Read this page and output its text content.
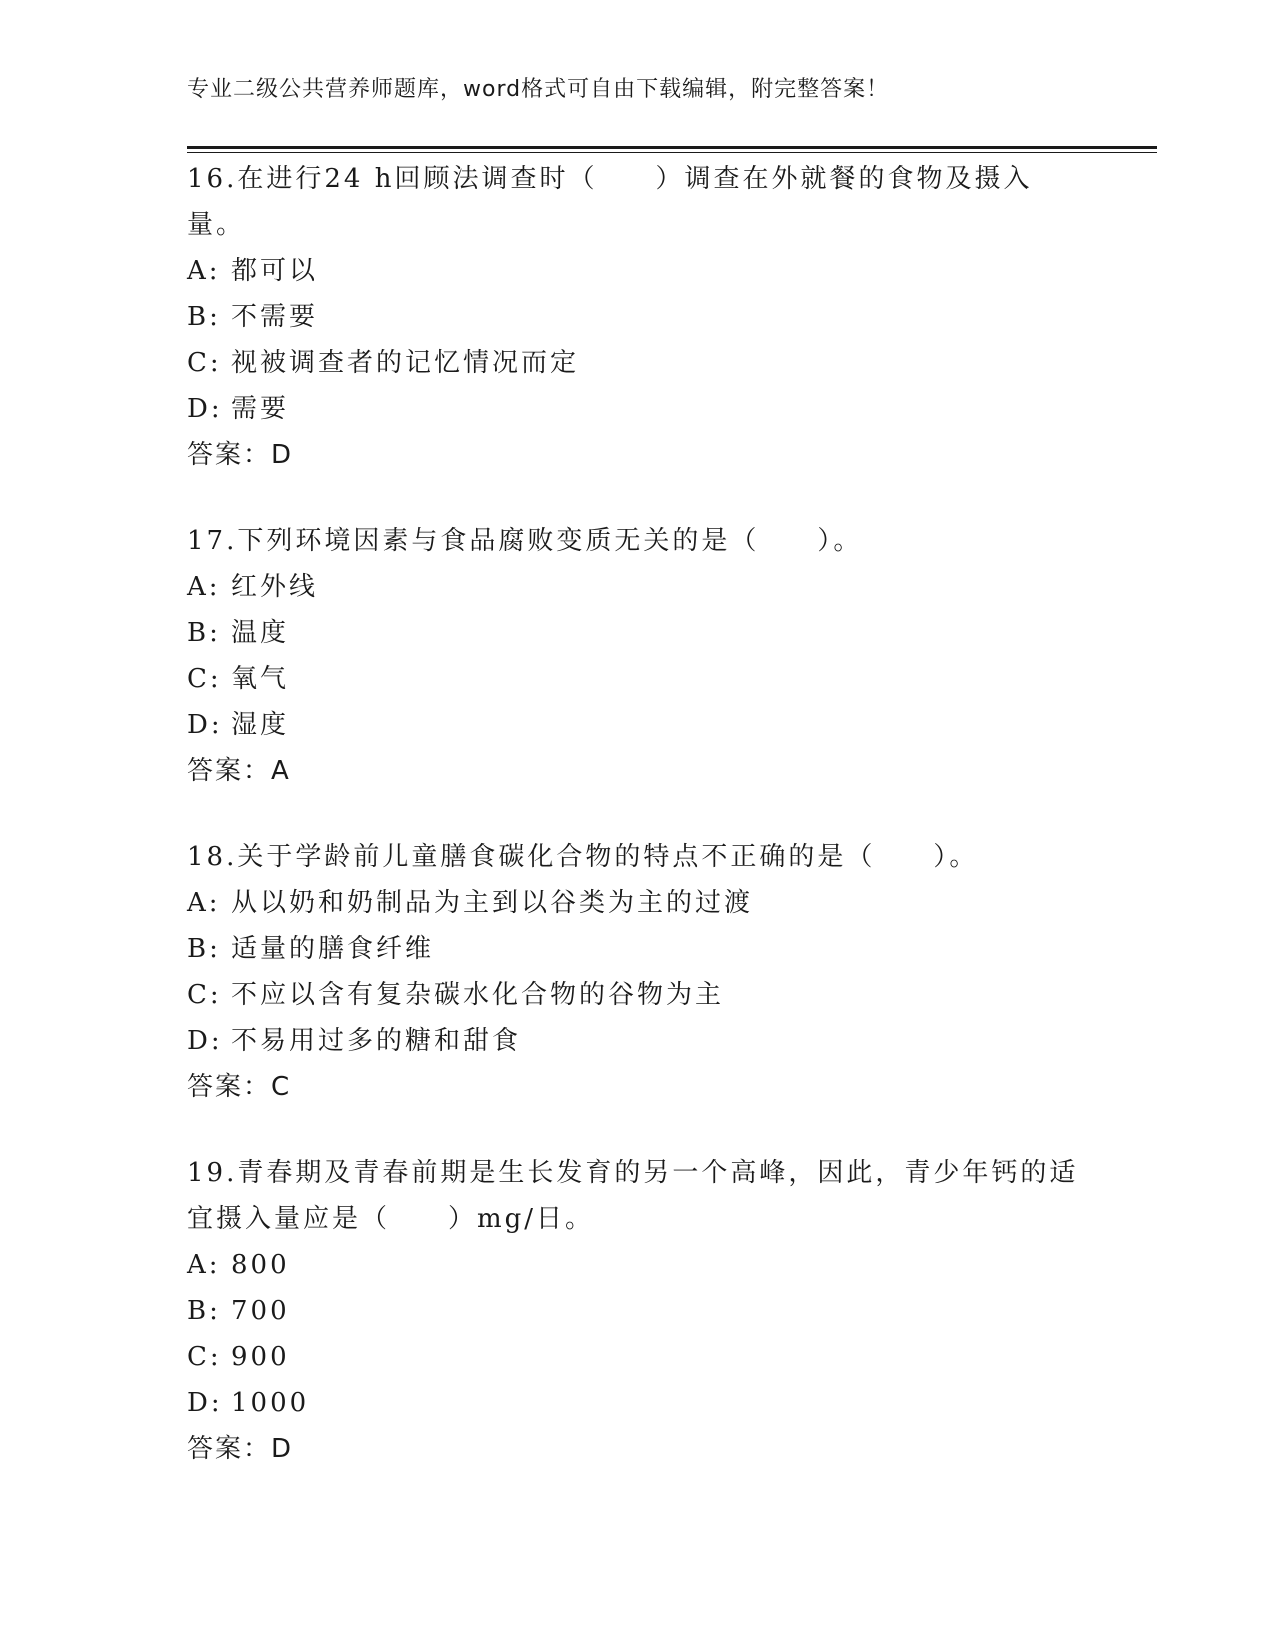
专业二级公共营养师题库，word格式可自由下载编辑，附完整答案！
16.在进行24 h回顾法调查时（　　）调查在外就餐的食物及摄入量。
A: 都可以
B: 不需要
C: 视被调查者的记忆情况而定
D: 需要
答案：D
17.下列环境因素与食品腐败变质无关的是（　　）。
A: 红外线
B: 温度
C: 氧气
D: 湿度
答案：A
18.关于学龄前儿童膳食碳化合物的特点不正确的是（　　）。
A: 从以奶和奶制品为主到以谷类为主的过渡
B: 适量的膳食纤维
C: 不应以含有复杂碳水化合物的谷物为主
D: 不易用过多的糖和甜食
答案：C
19.青春期及青春前期是生长发育的另一个高峰，因此，青少年钙的适宜摄入量应是（　　）mg/日。
A: 800
B: 700
C: 900
D: 1000
答案：D
